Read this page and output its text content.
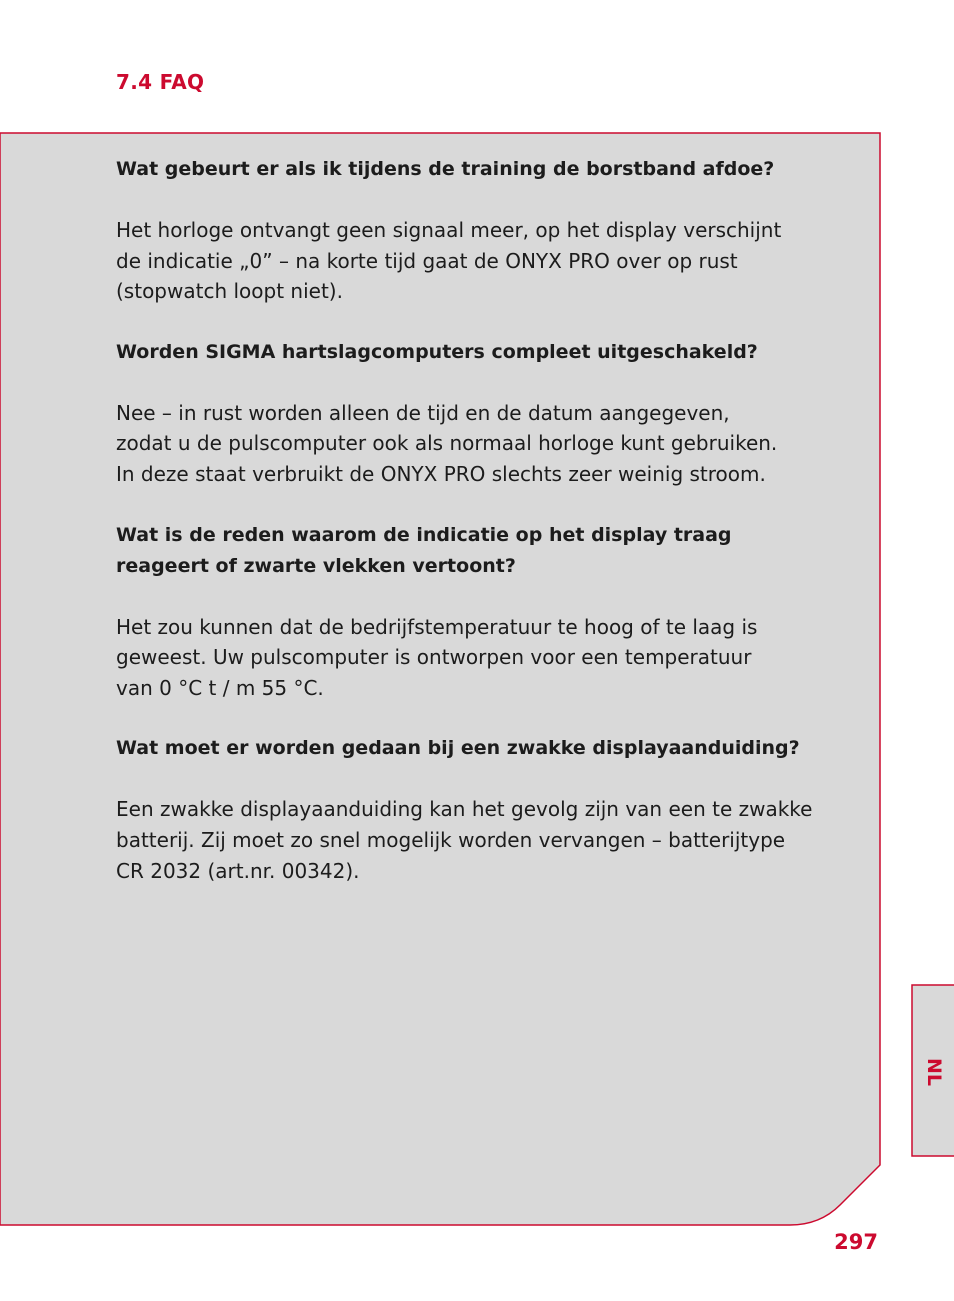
7.4 FAQ

Wat gebeurt er als ik tijdens de training de borstband afdoe?

Het horloge ontvangt geen signaal meer, op het display verschijnt
de indicatie „0” – na korte tijd gaat de ONYX PRO over op rust
(stopwatch loopt niet).

Worden SIGMA hartslagcomputers compleet uitgeschakeld?

Nee – in rust worden alleen de tijd en de datum aangegeven,
zodat u de pulscomputer ook als normaal horloge kunt gebruiken.
In deze staat verbruikt de ONYX PRO slechts zeer weinig stroom.
Wat is de reden waarom de indicatie op het display traag
reageert of zwarte vlekken vertoont?
Het zou kunnen dat de bedrijfstemperatuur te hoog of te laag is
geweest. Uw pulscomputer is ontworpen voor een temperatuur
van 0 °C t / m 55 °C.

Wat moet er worden gedaan bij een zwakke displayaanduiding?

Een zwakke displayaanduiding kan het gevolg zijn van een te zwakke
batterij. Zij moet zo snel mogelijk worden vervangen – batterijtype
CR 2032 (art.nr. 00342).
NL
297
